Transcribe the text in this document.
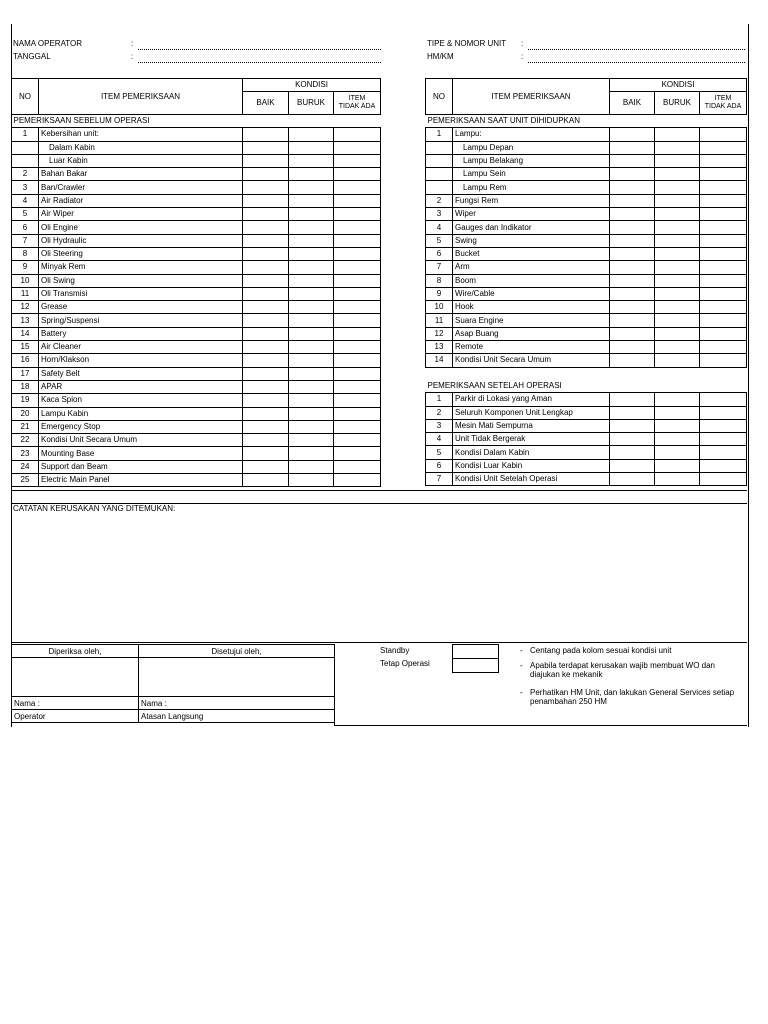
NAMA OPERATOR	:
TANGGAL	:
TIPE & NOMOR UNIT :
HM/KM	:
NO	ITEM PEMERIKSAAN	KONDISI		
		BAIK	BURUK	ITEM
TIDAK ADA
PEMERIKSAAN SEBELUM OPERASI				
1	Kebersihan unit:			
	Dalam Kabin			
	Luar Kabin			
2	Bahan Bakar			
3	Ban/Crawler			
4	Air Radiator			
5	Air Wiper			
6	Oli Engine			
7	Oli Hydraulic			
8	Oli Steering			
9	Minyak Rem			
10	Oli Swing			
11	Oli Transmisi			
12	Grease			
13	Spring/Suspensi			
14	Battery			
15	Air Cleaner			
16	Horn/Klakson			
17	Safety Belt			
18	APAR			
19	Kaca Spion			
20	Lampu Kabin			
21	Emergency Stop			
22	Kondisi Unit Secara Umum			
23	Mounting Base			
24	Support dan Beam			
25	Electric Main Panel			
NO	ITEM PEMERIKSAAN	KONDISI		
		BAIK	BURUK	ITEM
TIDAK ADA
PEMERIKSAAN SAAT UNIT DIHIDUPKAN				
1	Lampu:			
	Lampu Depan			
	Lampu Belakang			
	Lampu Sein			
	Lampu Rem			
2	Fungsi Rem			
3	Wiper			
4	Gauges dan Indikator			
5	Swing			
6	Bucket			
7	Arm			
8	Boom			
9	Wire/Cable			
10	Hook			
11	Suara Engine			
12	Asap Buang			
13	Remote			
14	Kondisi Unit Secara Umum			

PEMERIKSAAN SETELAH OPERASI				
1	Parkir di Lokasi yang Aman			
2	Seluruh Komponen Unit Lengkap			
3	Mesin Mati Sempurna			
4	Unit Tidak Bergerak			
5	Kondisi Dalam Kabin			
6	Kondisi Luar Kabin			
7	Kondisi Unit Setelah Operasi			
CATATAN KERUSAKAN YANG DITEMUKAN:
Diperiksa oleh,	Disetujui oleh,

Nama :	Nama :
Operator	Atasan Langsung
Standby
Tetap Operasi
- Centang pada kolom sesuai kondisi unit
- Apabila terdapat kerusakan wajib membuat WO dan diajukan ke mekanik
- Perhatikan HM Unit, dan lakukan General Services setiap penambahan 250 HM
